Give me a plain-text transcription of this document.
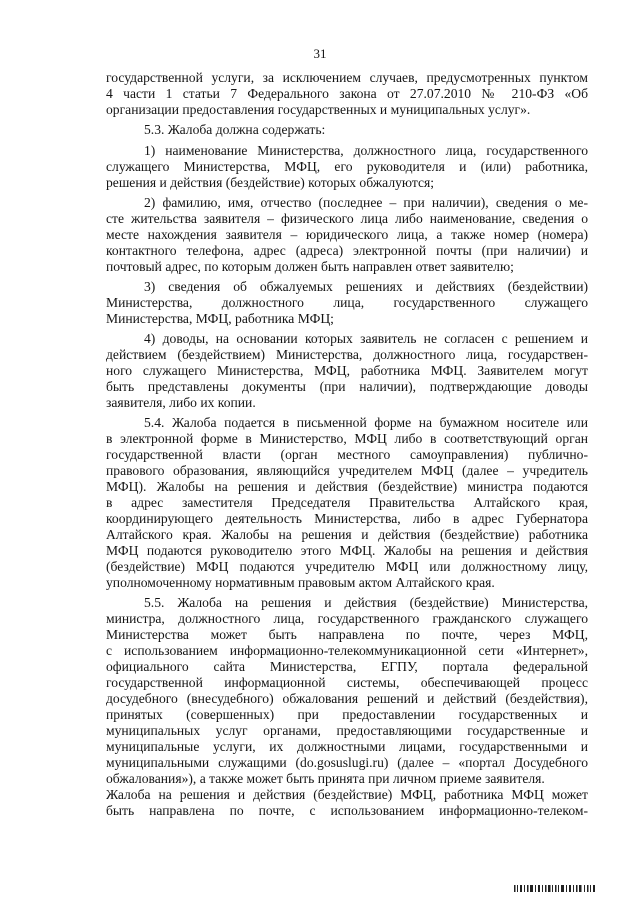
31
государственной услуги, за исключением случаев, предусмотренных пунктом
4 части 1 статьи 7 Федерального закона от 27.07.2010 № 210-ФЗ «Об
организации предоставления государственных и муниципальных услуг».
5.3. Жалоба должна содержать:
1) наименование Министерства, должностного лица, государственного
служащего Министерства, МФЦ, его руководителя и (или) работника,
решения и действия (бездействие) которых обжалуются;
2) фамилию, имя, отчество (последнее – при наличии), сведения о ме-
сте жительства заявителя – физического лица либо наименование, сведения о
месте нахождения заявителя – юридического лица, а также номер (номера)
контактного телефона, адрес (адреса) электронной почты (при наличии) и
почтовый адрес, по которым должен быть направлен ответ заявителю;
3) сведения об обжалуемых решениях и действиях (бездействии)
Министерства, должностного лица, государственного служащего
Министерства, МФЦ, работника МФЦ;
4) доводы, на основании которых заявитель не согласен с решением и
действием (бездействием) Министерства, должностного лица, государствен-
ного служащего Министерства, МФЦ, работника МФЦ. Заявителем могут
быть представлены документы (при наличии), подтверждающие доводы
заявителя, либо их копии.
5.4. Жалоба подается в письменной форме на бумажном носителе или
в электронной форме в Министерство, МФЦ либо в соответствующий орган
государственной власти (орган местного самоуправления) публично-
правового образования, являющийся учредителем МФЦ (далее – учредитель
МФЦ). Жалобы на решения и действия (бездействие) министра подаются
в адрес заместителя Председателя Правительства Алтайского края,
координирующего деятельность Министерства, либо в адрес Губернатора
Алтайского края. Жалобы на решения и действия (бездействие) работника
МФЦ подаются руководителю этого МФЦ. Жалобы на решения и действия
(бездействие) МФЦ подаются учредителю МФЦ или должностному лицу,
уполномоченному нормативным правовым актом Алтайского края.
5.5. Жалоба на решения и действия (бездействие) Министерства,
министра, должностного лица, государственного гражданского служащего
Министерства может быть направлена по почте, через МФЦ,
с использованием информационно-телекоммуникационной сети «Интернет»,
официального сайта Министерства, ЕГПУ, портала федеральной
государственной информационной системы, обеспечивающей процесс
досудебного (внесудебного) обжалования решений и действий (бездействия),
принятых (совершенных) при предоставлении государственных и
муниципальных услуг органами, предоставляющими государственные и
муниципальные услуги, их должностными лицами, государственными и
муниципальными служащими (do.gosuslugi.ru) (далее – «портал Досудебного
обжалования»), а также может быть принята при личном приеме заявителя.
Жалоба на решения и действия (бездействие) МФЦ, работника МФЦ может
быть направлена по почте, с использованием информационно-телеком-
